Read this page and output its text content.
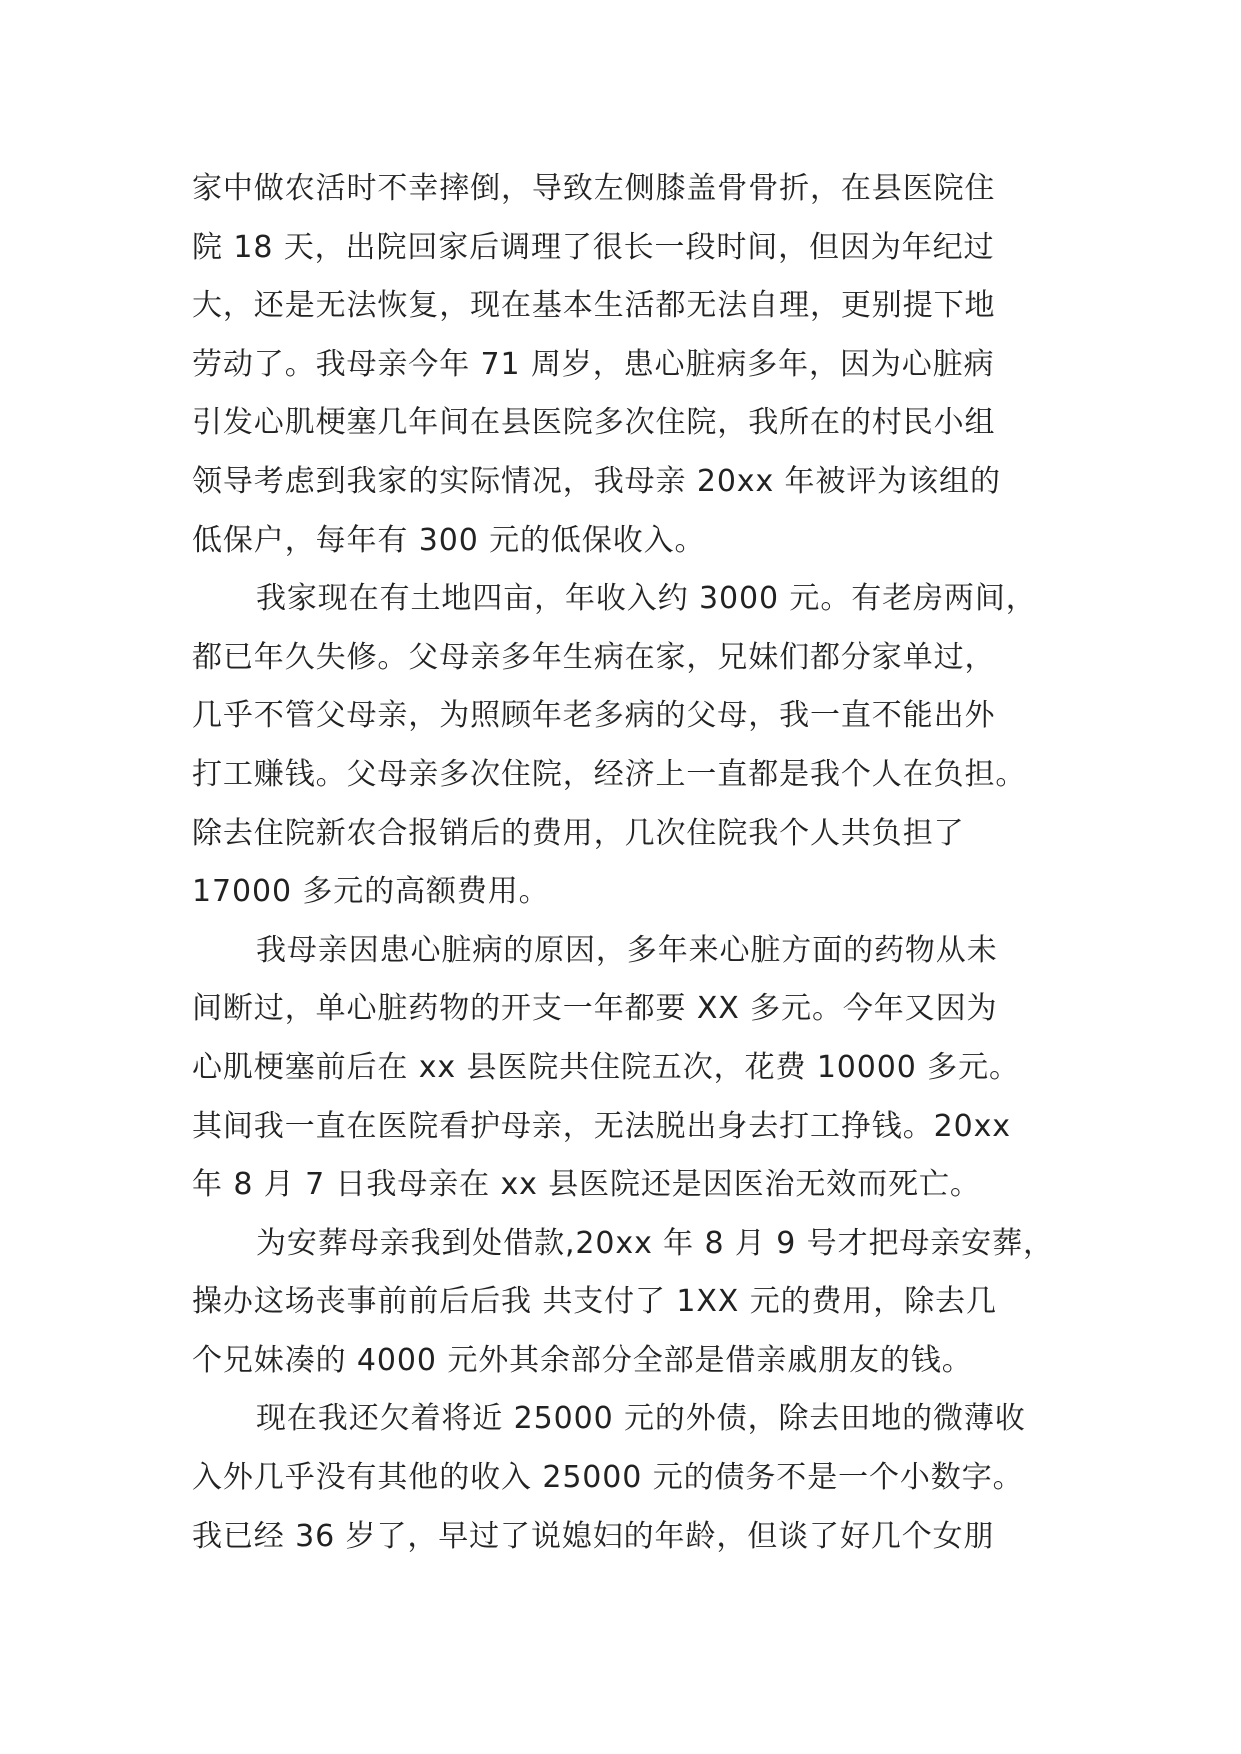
家中做农活时不幸摔倒，导致左侧膝盖骨骨折，在县医院住
院 18 天，出院回家后调理了很长一段时间，但因为年纪过
大，还是无法恢复，现在基本生活都无法自理，更别提下地
劳动了。我母亲今年 71 周岁，患心脏病多年，因为心脏病
引发心肌梗塞几年间在县医院多次住院，我所在的村民小组
领导考虑到我家的实际情况，我母亲 20xx 年被评为该组的
低保户，每年有 300 元的低保收入。
我家现在有土地四亩，年收入约 3000 元。有老房两间，
都已年久失修。父母亲多年生病在家，兄妹们都分家单过，
几乎不管父母亲，为照顾年老多病的父母，我一直不能出外
打工赚钱。父母亲多次住院，经济上一直都是我个人在负担。
除去住院新农合报销后的费用，几次住院我个人共负担了
17000 多元的高额费用。
我母亲因患心脏病的原因，多年来心脏方面的药物从未
间断过，单心脏药物的开支一年都要 XX 多元。今年又因为
心肌梗塞前后在 xx 县医院共住院五次，花费 10000 多元。
其间我一直在医院看护母亲，无法脱出身去打工挣钱。20xx
年 8 月 7 日我母亲在 xx 县医院还是因医治无效而死亡。
为安葬母亲我到处借款,20xx 年 8 月 9 号才把母亲安葬，
操办这场丧事前前后后我 共支付了 1XX 元的费用，除去几
个兄妹凑的 4000 元外其余部分全部是借亲戚朋友的钱。
现在我还欠着将近 25000 元的外债，除去田地的微薄收
入外几乎没有其他的收入 25000 元的债务不是一个小数字。
我已经 36 岁了，早过了说媳妇的年龄，但谈了好几个女朋
